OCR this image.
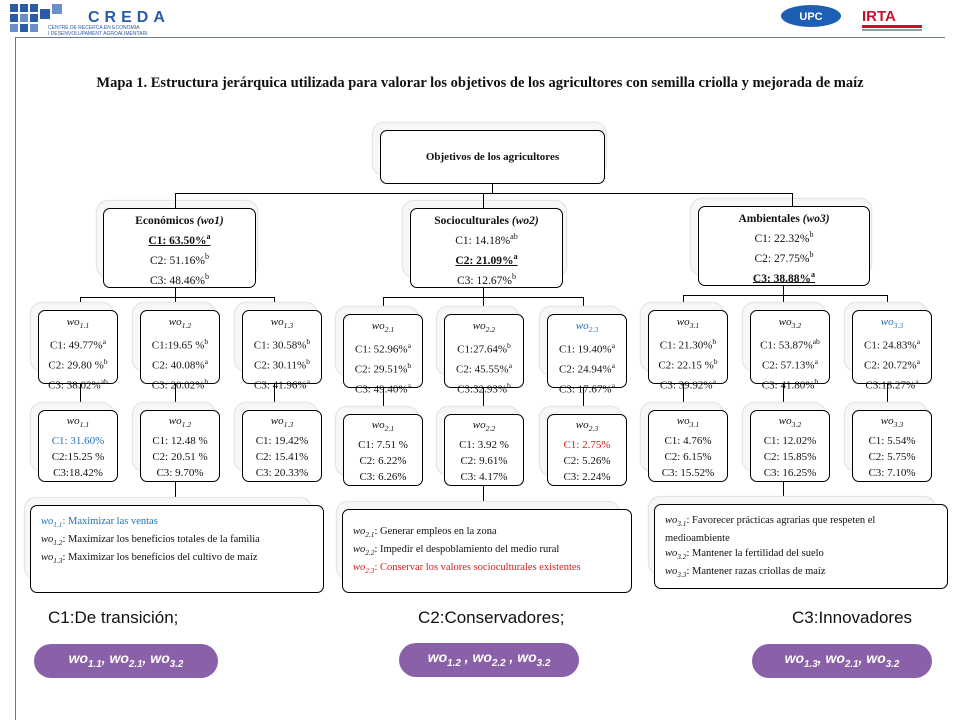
CREDA
CENTRE DE RECERCA EN ECONOMIA
I DESENVOLUPAMENT AGROALIMENTARI
UPC	IRTA
Mapa 1. Estructura jerárquica utilizada para valorar los objetivos de los agricultores con semilla criolla y mejorada de maíz
Objetivos de los agricultores
Económicos (wo1)
C1: 63.50%$^a$
C2: 51.16%$^b$
C3: 48.46%$^b$
Socioculturales (wo2)
C1: 14.18%$^{ab}$
C2: 21.09%$^a$
C3: 12.67%$^b$
Ambientales (wo3)
C1: 22.32%$^b$
C2: 27.75%$^b$
C3: 38.88%$^a$
$wo_{1.1}$
C1: 49.77%$^a$
C2: 29.80 %$^b$
C3: 38.02%$^{ab}$
$wo_{1.2}$
C1:19.65 %$^b$
C2: 40.08%$^a$
C3: 20.02%$^b$
$wo_{1.3}$
C1: 30.58%$^b$
C2: 30.11%$^b$
C3: 41.96%$^a$
$wo_{2.1}$
C1: 52.96%$^a$
C2: 29.51%$^b$
C3: 49.40%$^a$
$wo_{2.2}$
C1:27.64%$^b$
C2: 45.55%$^a$
C3:32.93%$^b$
$wo_{2.3}$
C1: 19.40%$^a$
C2: 24.94%$^a$
C3: 17.67%$^a$
$wo_{3.1}$
C1: 21.30%$^b$
C2: 22.15 %$^b$
C3: 39.92%$^a$
$wo_{3.2}$
C1: 53.87%$^{ab}$
C2: 57.13%$^a$
C3: 41.80%$^b$
$wo_{3.3}$
C1: 24.83%$^a$
C2: 20.72%$^a$
C3:18.27%$^a$
$wo_{1.1}$
C1: 31.60%
C2:15.25 %
C3:18.42%
$wo_{1.2}$
C1: 12.48 %
C2: 20.51 %
C3: 9.70%
$wo_{1.3}$
C1: 19.42%
C2: 15.41%
C3: 20.33%
$wo_{2.1}$
C1: 7.51 %
C2: 6.22%
C3: 6.26%
$wo_{2.2}$
C1: 3.92 %
C2: 9.61%
C3: 4.17%
$wo_{2.3}$
C1: 2.75%
C2: 5.26%
C3: 2.24%
$wo_{3.1}$
C1: 4.76%
C2: 6.15%
C3: 15.52%
$wo_{3.2}$
C1: 12.02%
C2: 15.85%
C3: 16.25%
$wo_{3.3}$
C1: 5.54%
C2: 5.75%
C3: 7.10%
$wo_{1.1}$: Maximizar las ventas
$wo_{1.2}$: Maximizar los beneficios totales de la familia
$wo_{1.3}$: Maximizar los beneficios del cultivo de maíz
$wo_{2.1}$: Generar empleos en la zona
$wo_{2.2}$: Impedir el despoblamiento del medio rural
$wo_{2.3}$: Conservar los valores socioculturales existentes
$wo_{3.1}$: Favorecer prácticas agrarias que respeten el medioambiente
$wo_{3.2}$: Mantener la fertilidad del suelo
$wo_{3.3}$: Mantener razas criollas de maíz
C1:De transición;	C2:Conservadores;	C3:Innovadores
$wo_{1.1}$, $wo_{2.1}$, $wo_{3.2}$	$wo_{1.2}$ , $wo_{2.2}$ , $wo_{3.2}$	$wo_{1.3}$, $wo_{2.1}$, $wo_{3.2}$
